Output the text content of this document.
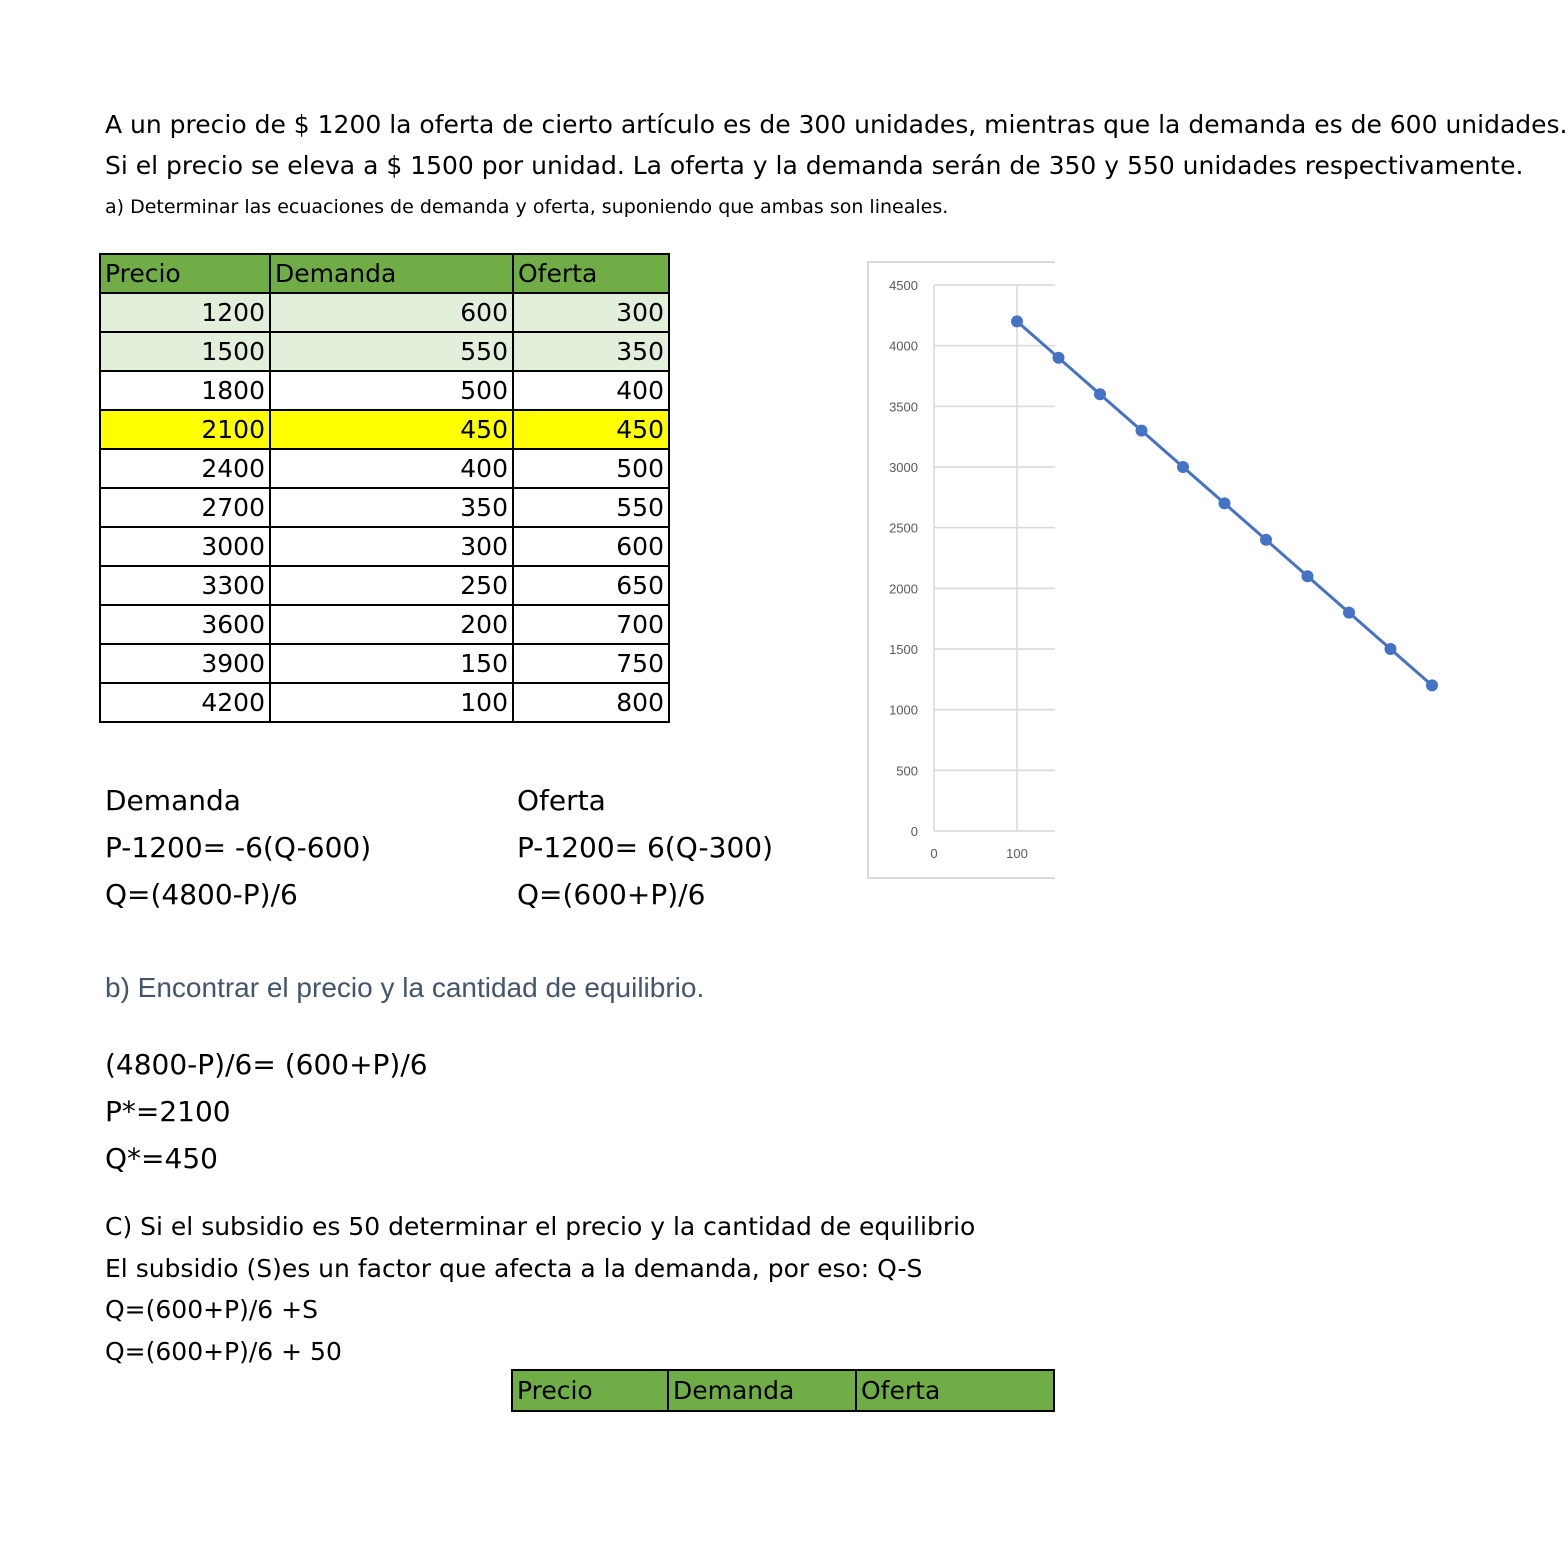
A un precio de $ 1200 la oferta de cierto artículo es de 300 unidades, mientras que la demanda es de 600 unidades.
Si el precio se eleva a $ 1500 por unidad. La oferta y la demanda serán de 350 y 550 unidades respectivamente.
a) Determinar las ecuaciones de demanda y oferta, suponiendo que ambas son lineales.
Precio	Demanda	Oferta
1200	600	300
1500	550	350
1800	500	400
2100	450	450
2400	400	500
2700	350	550
3000	300	600
3300	250	650
3600	200	700
3900	150	750
4200	100	800
0
500
1000
1500
2000
2500
3000
3500
4000
4500
0	100
Demanda
P-1200= -6(Q-600)
Q=(4800-P)/6
Oferta
P-1200= 6(Q-300)
Q=(600+P)/6
b) Encontrar el precio y la cantidad de equilibrio.
(4800-P)/6= (600+P)/6
P*=2100
Q*=450
C) Si el subsidio es 50 determinar el precio y la cantidad de equilibrio
El subsidio (S)es un factor que afecta a la demanda, por eso: Q-S
Q=(600+P)/6 +S
Q=(600+P)/6 + 50
Precio	Demanda	Oferta
